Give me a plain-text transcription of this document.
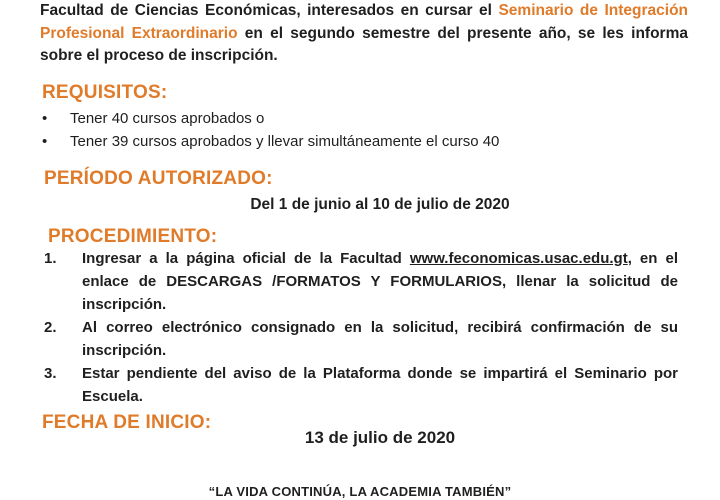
Facultad de Ciencias Económicas, interesados en cursar el Seminario de Integración Profesional Extraordinario en el segundo semestre del presente año, se les informa sobre el proceso de inscripción.
REQUISITOS:
• Tener 40 cursos aprobados o
• Tener 39 cursos aprobados y llevar simultáneamente el curso 40
PERÍODO AUTORIZADO:
Del 1 de junio al 10 de julio de 2020
PROCEDIMIENTO:
1. Ingresar a la página oficial de la Facultad www.feconomicas.usac.edu.gt, en el enlace de DESCARGAS /FORMATOS Y FORMULARIOS, llenar la solicitud de inscripción.
2. Al correo electrónico consignado en la solicitud, recibirá confirmación de su inscripción.
3. Estar pendiente del aviso de la Plataforma donde se impartirá el Seminario por Escuela.
FECHA DE INICIO:
13 de julio de 2020
“LA VIDA CONTINÚA, LA ACADEMIA TAMBIÉN”
